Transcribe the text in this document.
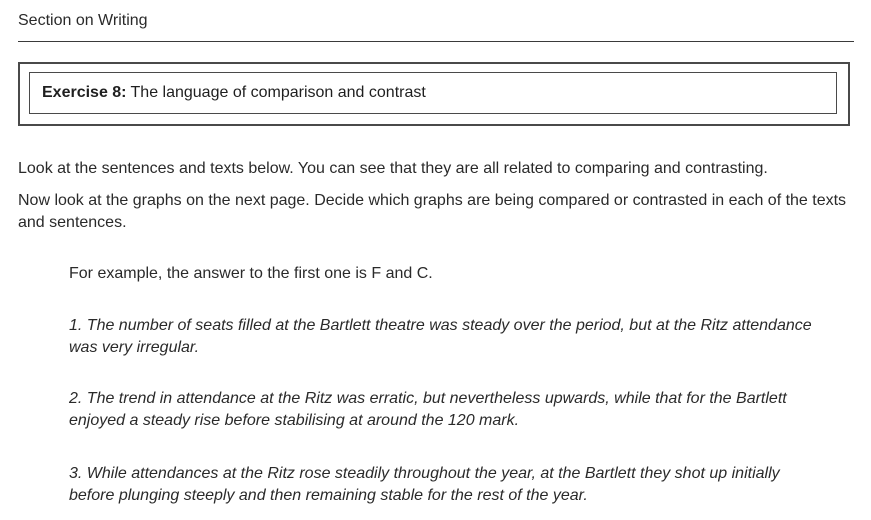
Section on Writing
Exercise 8: The language of comparison and contrast
Look at the sentences and texts below. You can see that they are all related to comparing and contrasting.
Now look at the graphs on the next page. Decide which graphs are being compared or contrasted in each of the texts and sentences.
For example, the answer to the first one is F and C.
1. The number of seats filled at the Bartlett theatre was steady over the period, but at the Ritz attendance was very irregular.
2. The trend in attendance at the Ritz was erratic, but nevertheless upwards, while that for the Bartlett enjoyed a steady rise before stabilising at around the 120 mark.
3. While attendances at the Ritz rose steadily throughout the year, at the Bartlett they shot up initially before plunging steeply and then remaining stable for the rest of the year.
